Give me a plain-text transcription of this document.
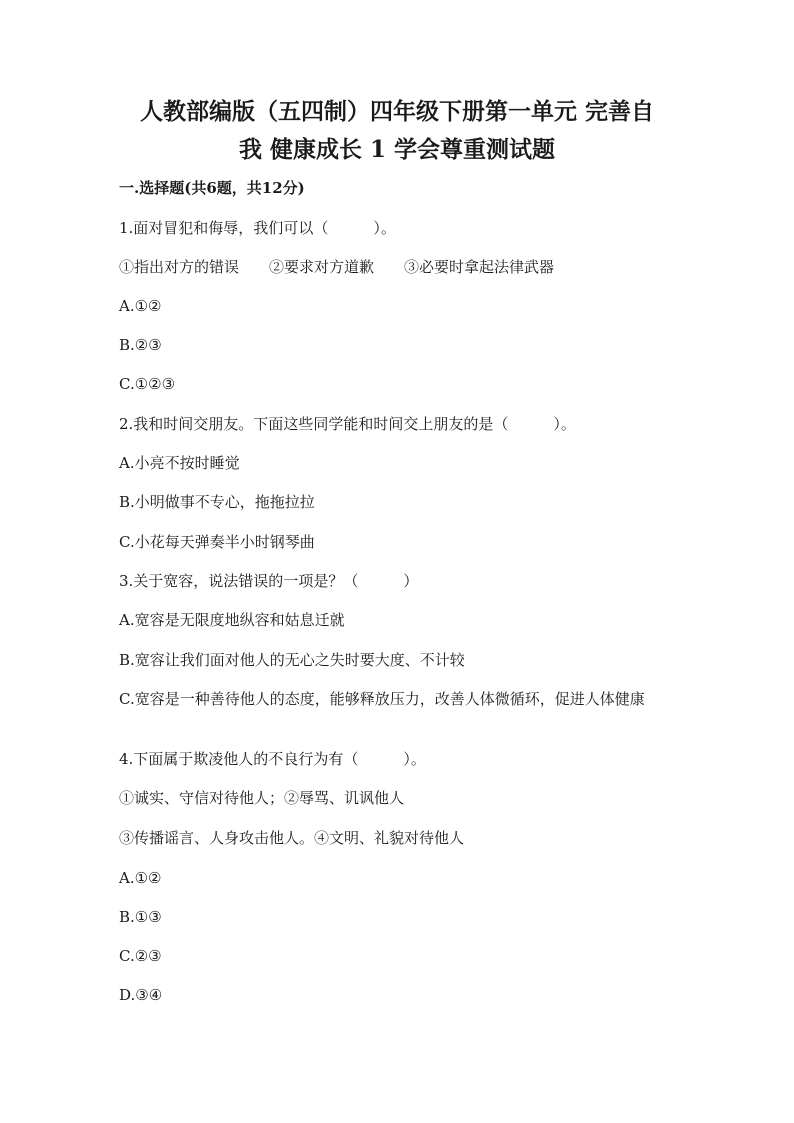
人教部编版（五四制）四年级下册第一单元 完善自
我 健康成长 1 学会尊重测试题
一.选择题(共6题，共12分)
1.面对冒犯和侮辱，我们可以（　　　）。
①指出对方的错误　　②要求对方道歉　　③必要时拿起法律武器
A.①②
B.②③
C.①②③
2.我和时间交朋友。下面这些同学能和时间交上朋友的是（　　　）。
A.小亮不按时睡觉
B.小明做事不专心，拖拖拉拉
C.小花每天弹奏半小时钢琴曲
3.关于宽容，说法错误的一项是？（　　　）
A.宽容是无限度地纵容和姑息迁就
B.宽容让我们面对他人的无心之失时要大度、不计较
C.宽容是一种善待他人的态度，能够释放压力，改善人体微循环，促进人体健康
4.下面属于欺凌他人的不良行为有（　　　）。
①诚实、守信对待他人；②辱骂、讥讽他人
③传播谣言、人身攻击他人。④文明、礼貌对待他人
A.①②
B.①③
C.②③
D.③④
